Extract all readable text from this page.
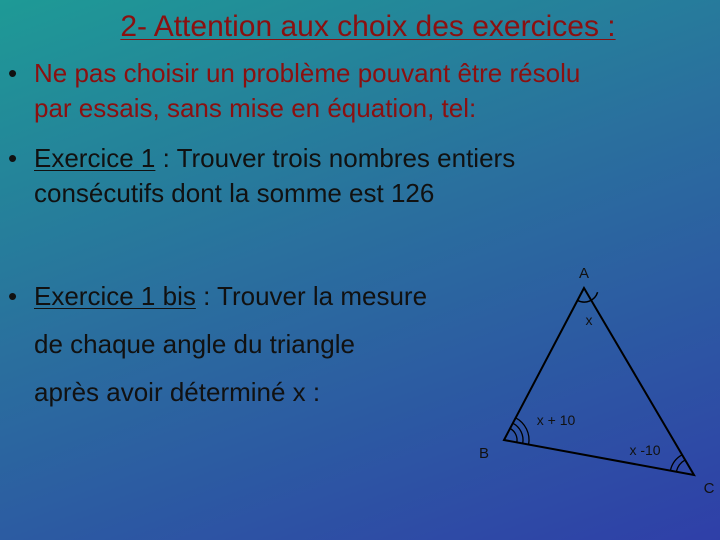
2- Attention aux choix des exercices :
• Ne pas choisir un problème pouvant être résolu
par essais, sans mise en équation, tel:
• Exercice 1 : Trouver trois nombres entiers
consécutifs dont la somme est 126
• Exercice 1 bis : Trouver la mesure
de chaque angle du triangle
après avoir déterminé x :
A
B
C
x
x + 10
x -10
